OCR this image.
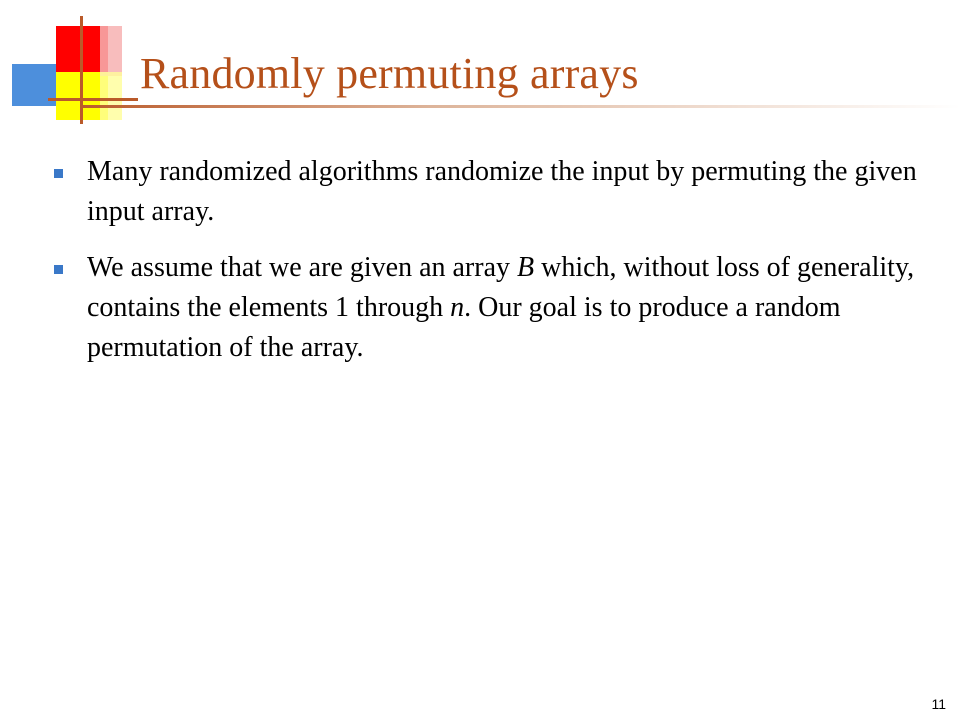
Randomly permuting arrays
Many randomized algorithms randomize the input by permuting the given input array.
We assume that we are given an array B which, without loss of generality, contains the elements 1 through n. Our goal is to produce a random permutation of the array.
11
